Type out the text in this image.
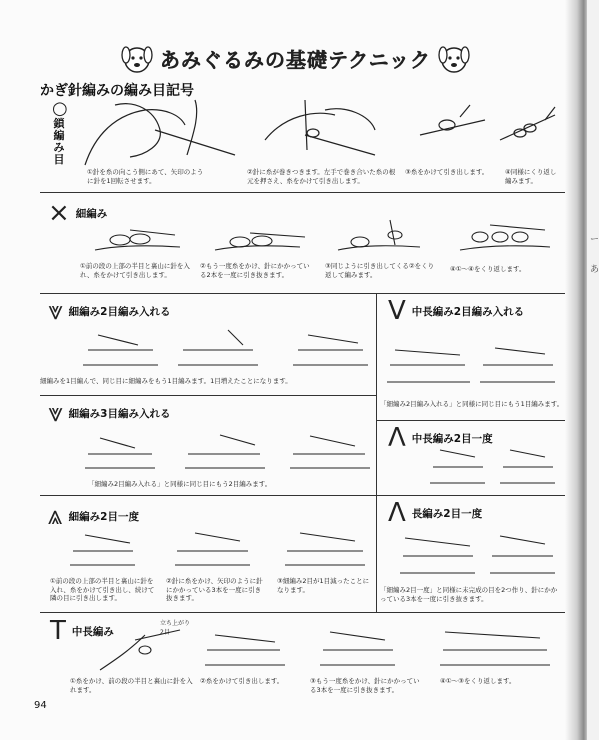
ー
あ
あみぐるみの基礎テクニック
かぎ針編みの編み目記号
○
鎖編み目
①針を糸の向こう側にあて、矢印のように針を1回転させます。
②針に糸が巻きつきます。左手で巻き合いた糸の根元を押さえ、糸をかけて引き出します。
③糸をかけて引き出します。	④同様にくり返し編みます。
× 細編み
①前の段の上部の半目と裏山に針を入れ、糸をかけて引き出します。
②もう一度糸をかけ、針にかかっている2本を一度に引き抜きます。
③同じように引き出してくる②をくり返して編みます。
④①〜④をくり返します。
⩔ 細編み2目編み入れる
細編みを1目編んで、同じ目に細編みをもう1目編みます。1目増えたことになります。
V 中長編み2目編み入れる
「細編み2目編み入れる」と同様に同じ目にもう1目編みます。
⩔ 細編み3目編み入れる
「細編み2目編み入れる」と同様に同じ目にもう2目編みます。
Λ 中長編み2目一度
⩓ 細編み2目一度
①前の段の上部の半目と裏山に針を入れ、糸をかけて引き出し、続けて隣の目に引き出します。
②針に糸をかけ、矢印のように針にかかっている3本を一度に引き抜きます。
③細編み2目が1目減ったことになります。
Ʌ 長編み2目一度
「細編み2目一度」と同様に未完成の目を2つ作り、針にかかっている3本を一度に引き抜きます。
T 中長編み
立ち上がり2目
①糸をかけ、前の段の半目と裏山に針を入れます。
②糸をかけて引き出します。	③もう一度糸をかけ、針にかかっている3本を一度に引き抜きます。
④①〜③をくり返します。
94
